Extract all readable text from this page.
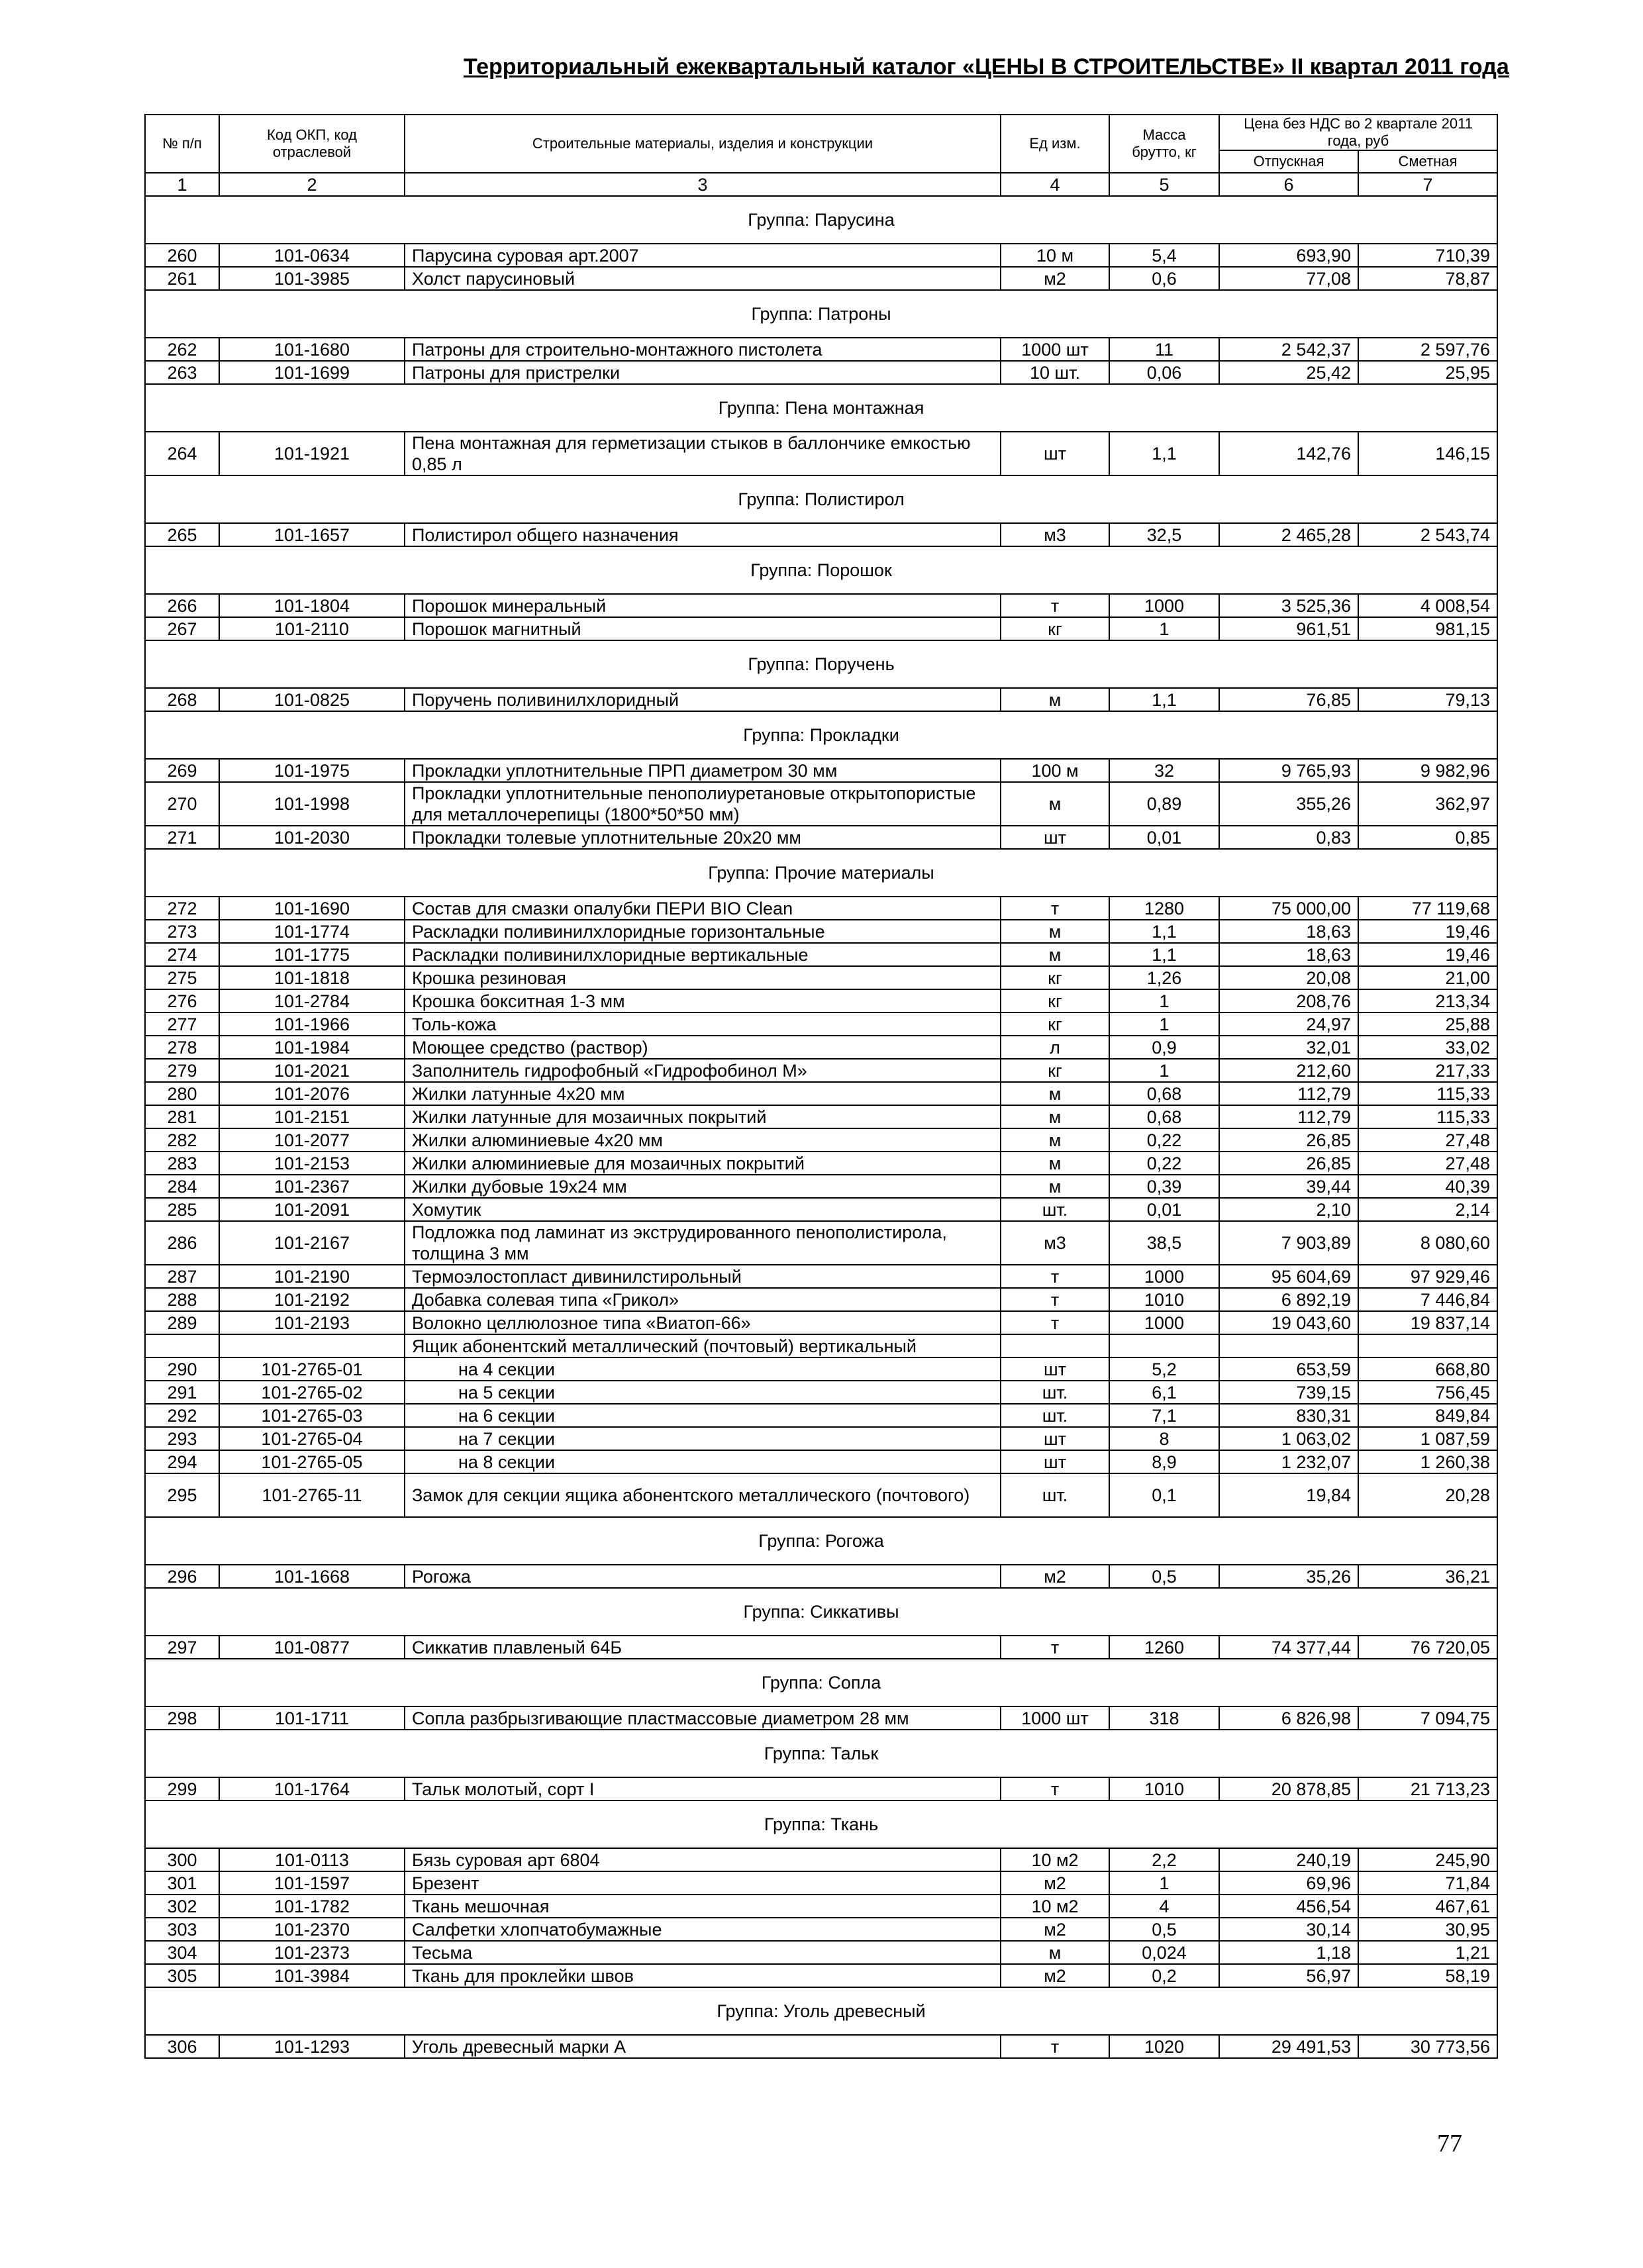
Территориальный ежеквартальный каталог «ЦЕНЫ В СТРОИТЕЛЬСТВЕ» II квартал 2011 года
№ п/п	Код ОКП, код отраслевой	Строительные материалы, изделия и конструкции	Ед изм.	Масса брутто, кг	Цена без НДС во 2 квартале 2011 года, руб	
					Отпускная	Сметная
1	2	3	4	5	6	7
Группа: Парусина						
260	101-0634	Парусина суровая арт.2007	10 м	5,4	693,90	710,39
261	101-3985	Холст парусиновый	м2	0,6	77,08	78,87
Группа: Патроны						
262	101-1680	Патроны для строительно-монтажного пистолета	1000 шт	11	2 542,37	2 597,76
263	101-1699	Патроны для пристрелки	10 шт.	0,06	25,42	25,95
Группа: Пена монтажная						
264	101-1921	Пена монтажная для герметизации стыков в баллончике емкостью 0,85 л	шт	1,1	142,76	146,15
Группа: Полистирол						
265	101-1657	Полистирол общего назначения	м3	32,5	2 465,28	2 543,74
Группа: Порошок						
266	101-1804	Порошок минеральный	т	1000	3 525,36	4 008,54
267	101-2110	Порошок магнитный	кг	1	961,51	981,15
Группа: Поручень						
268	101-0825	Поручень поливинилхлоридный	м	1,1	76,85	79,13
Группа: Прокладки						
269	101-1975	Прокладки уплотнительные ПРП диаметром 30 мм	100 м	32	9 765,93	9 982,96
270	101-1998	Прокладки уплотнительные пенополиуретановые открытопористые для металлочерепицы (1800*50*50 мм)	м	0,89	355,26	362,97
271	101-2030	Прокладки толевые уплотнительные 20х20 мм	шт	0,01	0,83	0,85
Группа: Прочие материалы						
272	101-1690	Состав для смазки опалубки ПЕРИ BIO Clean	т	1280	75 000,00	77 119,68
273	101-1774	Раскладки поливинилхлоридные горизонтальные	м	1,1	18,63	19,46
274	101-1775	Раскладки поливинилхлоридные вертикальные	м	1,1	18,63	19,46
275	101-1818	Крошка резиновая	кг	1,26	20,08	21,00
276	101-2784	Крошка бокситная 1-3 мм	кг	1	208,76	213,34
277	101-1966	Толь-кожа	кг	1	24,97	25,88
278	101-1984	Моющее средство (раствор)	л	0,9	32,01	33,02
279	101-2021	Заполнитель гидрофобный «Гидрофобинол М»	кг	1	212,60	217,33
280	101-2076	Жилки латунные 4х20 мм	м	0,68	112,79	115,33
281	101-2151	Жилки латунные для мозаичных покрытий	м	0,68	112,79	115,33
282	101-2077	Жилки алюминиевые 4х20 мм	м	0,22	26,85	27,48
283	101-2153	Жилки алюминиевые для мозаичных покрытий	м	0,22	26,85	27,48
284	101-2367	Жилки дубовые 19х24 мм	м	0,39	39,44	40,39
285	101-2091	Хомутик	шт.	0,01	2,10	2,14
286	101-2167	Подложка под ламинат из экструдированного пенополистирола, толщина 3 мм	м3	38,5	7 903,89	8 080,60
287	101-2190	Термоэлостопласт дивинилстирольный	т	1000	95 604,69	97 929,46
288	101-2192	Добавка солевая типа «Грикол»	т	1010	6 892,19	7 446,84
289	101-2193	Волокно целлюлозное типа «Виатоп-66»	т	1000	19 043,60	19 837,14
		Ящик абонентский металлический (почтовый) вертикальный				
290	101-2765-01	на 4 секции	шт	5,2	653,59	668,80
291	101-2765-02	на 5 секции	шт.	6,1	739,15	756,45
292	101-2765-03	на 6 секции	шт.	7,1	830,31	849,84
293	101-2765-04	на 7 секции	шт	8	1 063,02	1 087,59
294	101-2765-05	на 8 секции	шт	8,9	1 232,07	1 260,38
295	101-2765-11	Замок для секции ящика абонентского металлического (почтового)	шт.	0,1	19,84	20,28
Группа: Рогожа						
296	101-1668	Рогожа	м2	0,5	35,26	36,21
Группа: Сиккативы						
297	101-0877	Сиккатив плавленый 64Б	т	1260	74 377,44	76 720,05
Группа: Сопла						
298	101-1711	Сопла разбрызгивающие пластмассовые диаметром 28 мм	1000 шт	318	6 826,98	7 094,75
Группа: Тальк						
299	101-1764	Тальк молотый, сорт I	т	1010	20 878,85	21 713,23
Группа: Ткань						
300	101-0113	Бязь суровая арт 6804	10 м2	2,2	240,19	245,90
301	101-1597	Брезент	м2	1	69,96	71,84
302	101-1782	Ткань мешочная	10 м2	4	456,54	467,61
303	101-2370	Салфетки хлопчатобумажные	м2	0,5	30,14	30,95
304	101-2373	Тесьма	м	0,024	1,18	1,21
305	101-3984	Ткань для проклейки швов	м2	0,2	56,97	58,19
Группа: Уголь древесный						
306	101-1293	Уголь древесный марки А	т	1020	29 491,53	30 773,56
77
